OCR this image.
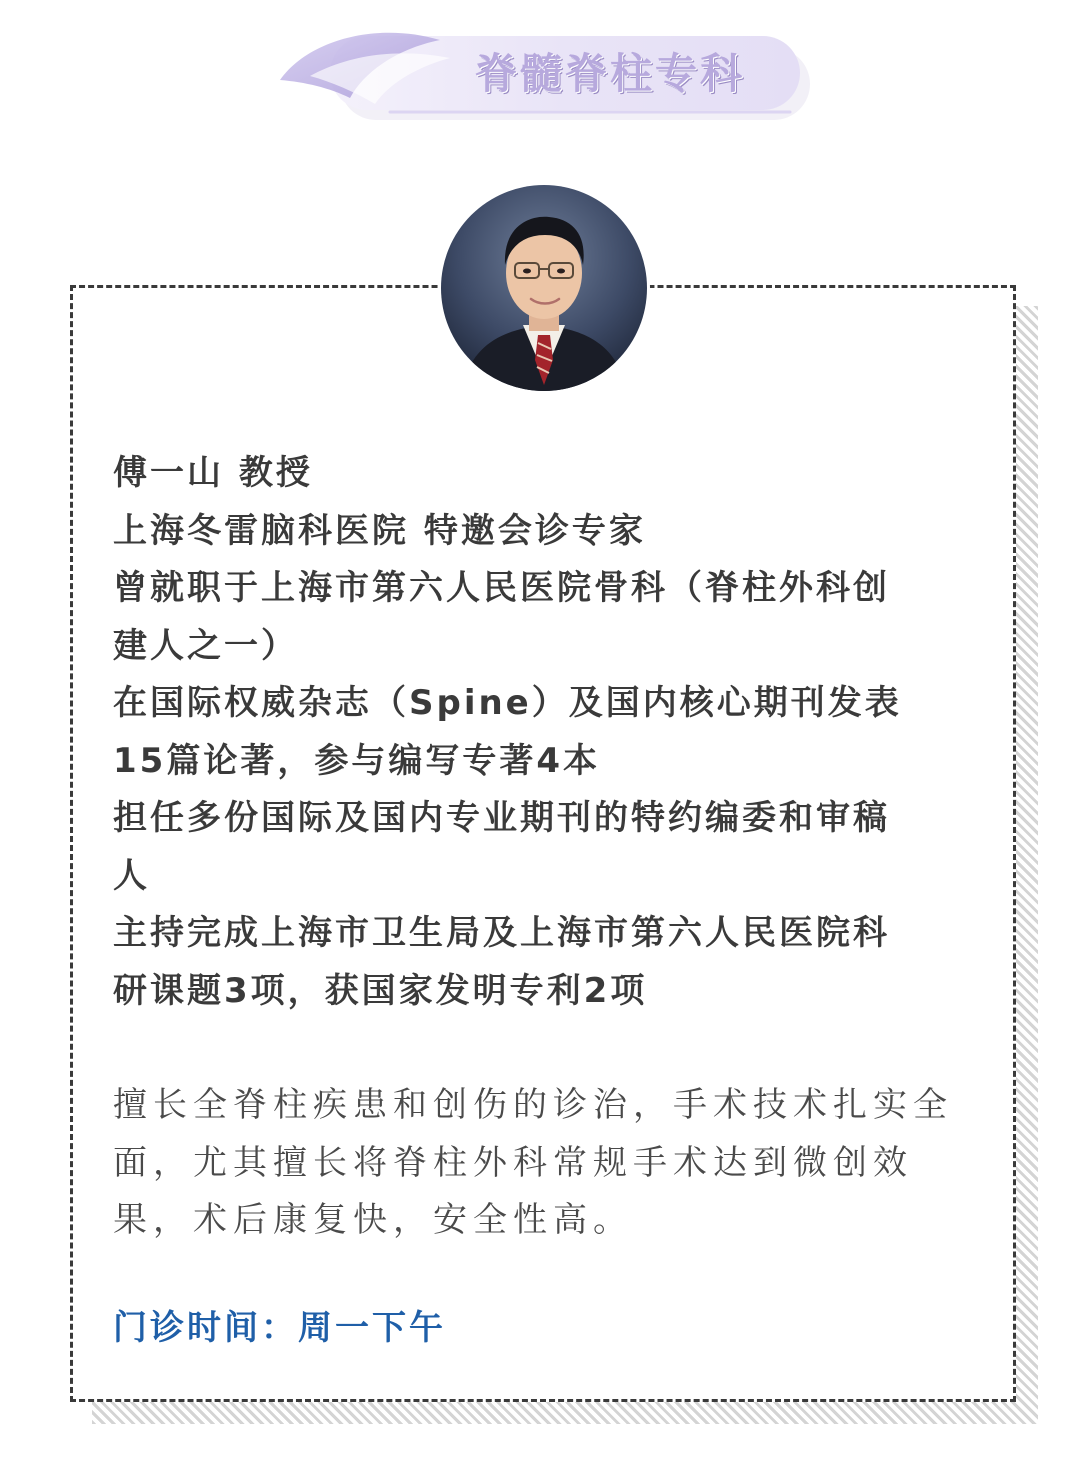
脊髓脊柱专科
傅一山 教授
上海冬雷脑科医院 特邀会诊专家
曾就职于上海市第六人民医院骨科（脊柱外科创
建人之一）
在国际权威杂志（Spine）及国内核心期刊发表
15篇论著，参与编写专著4本
担任多份国际及国内专业期刊的特约编委和审稿
人
主持完成上海市卫生局及上海市第六人民医院科
研课题3项，获国家发明专利2项
擅长全脊柱疾患和创伤的诊治，手术技术扎实全
面，尤其擅长将脊柱外科常规手术达到微创效
果，术后康复快，安全性高。
门诊时间：周一下午
